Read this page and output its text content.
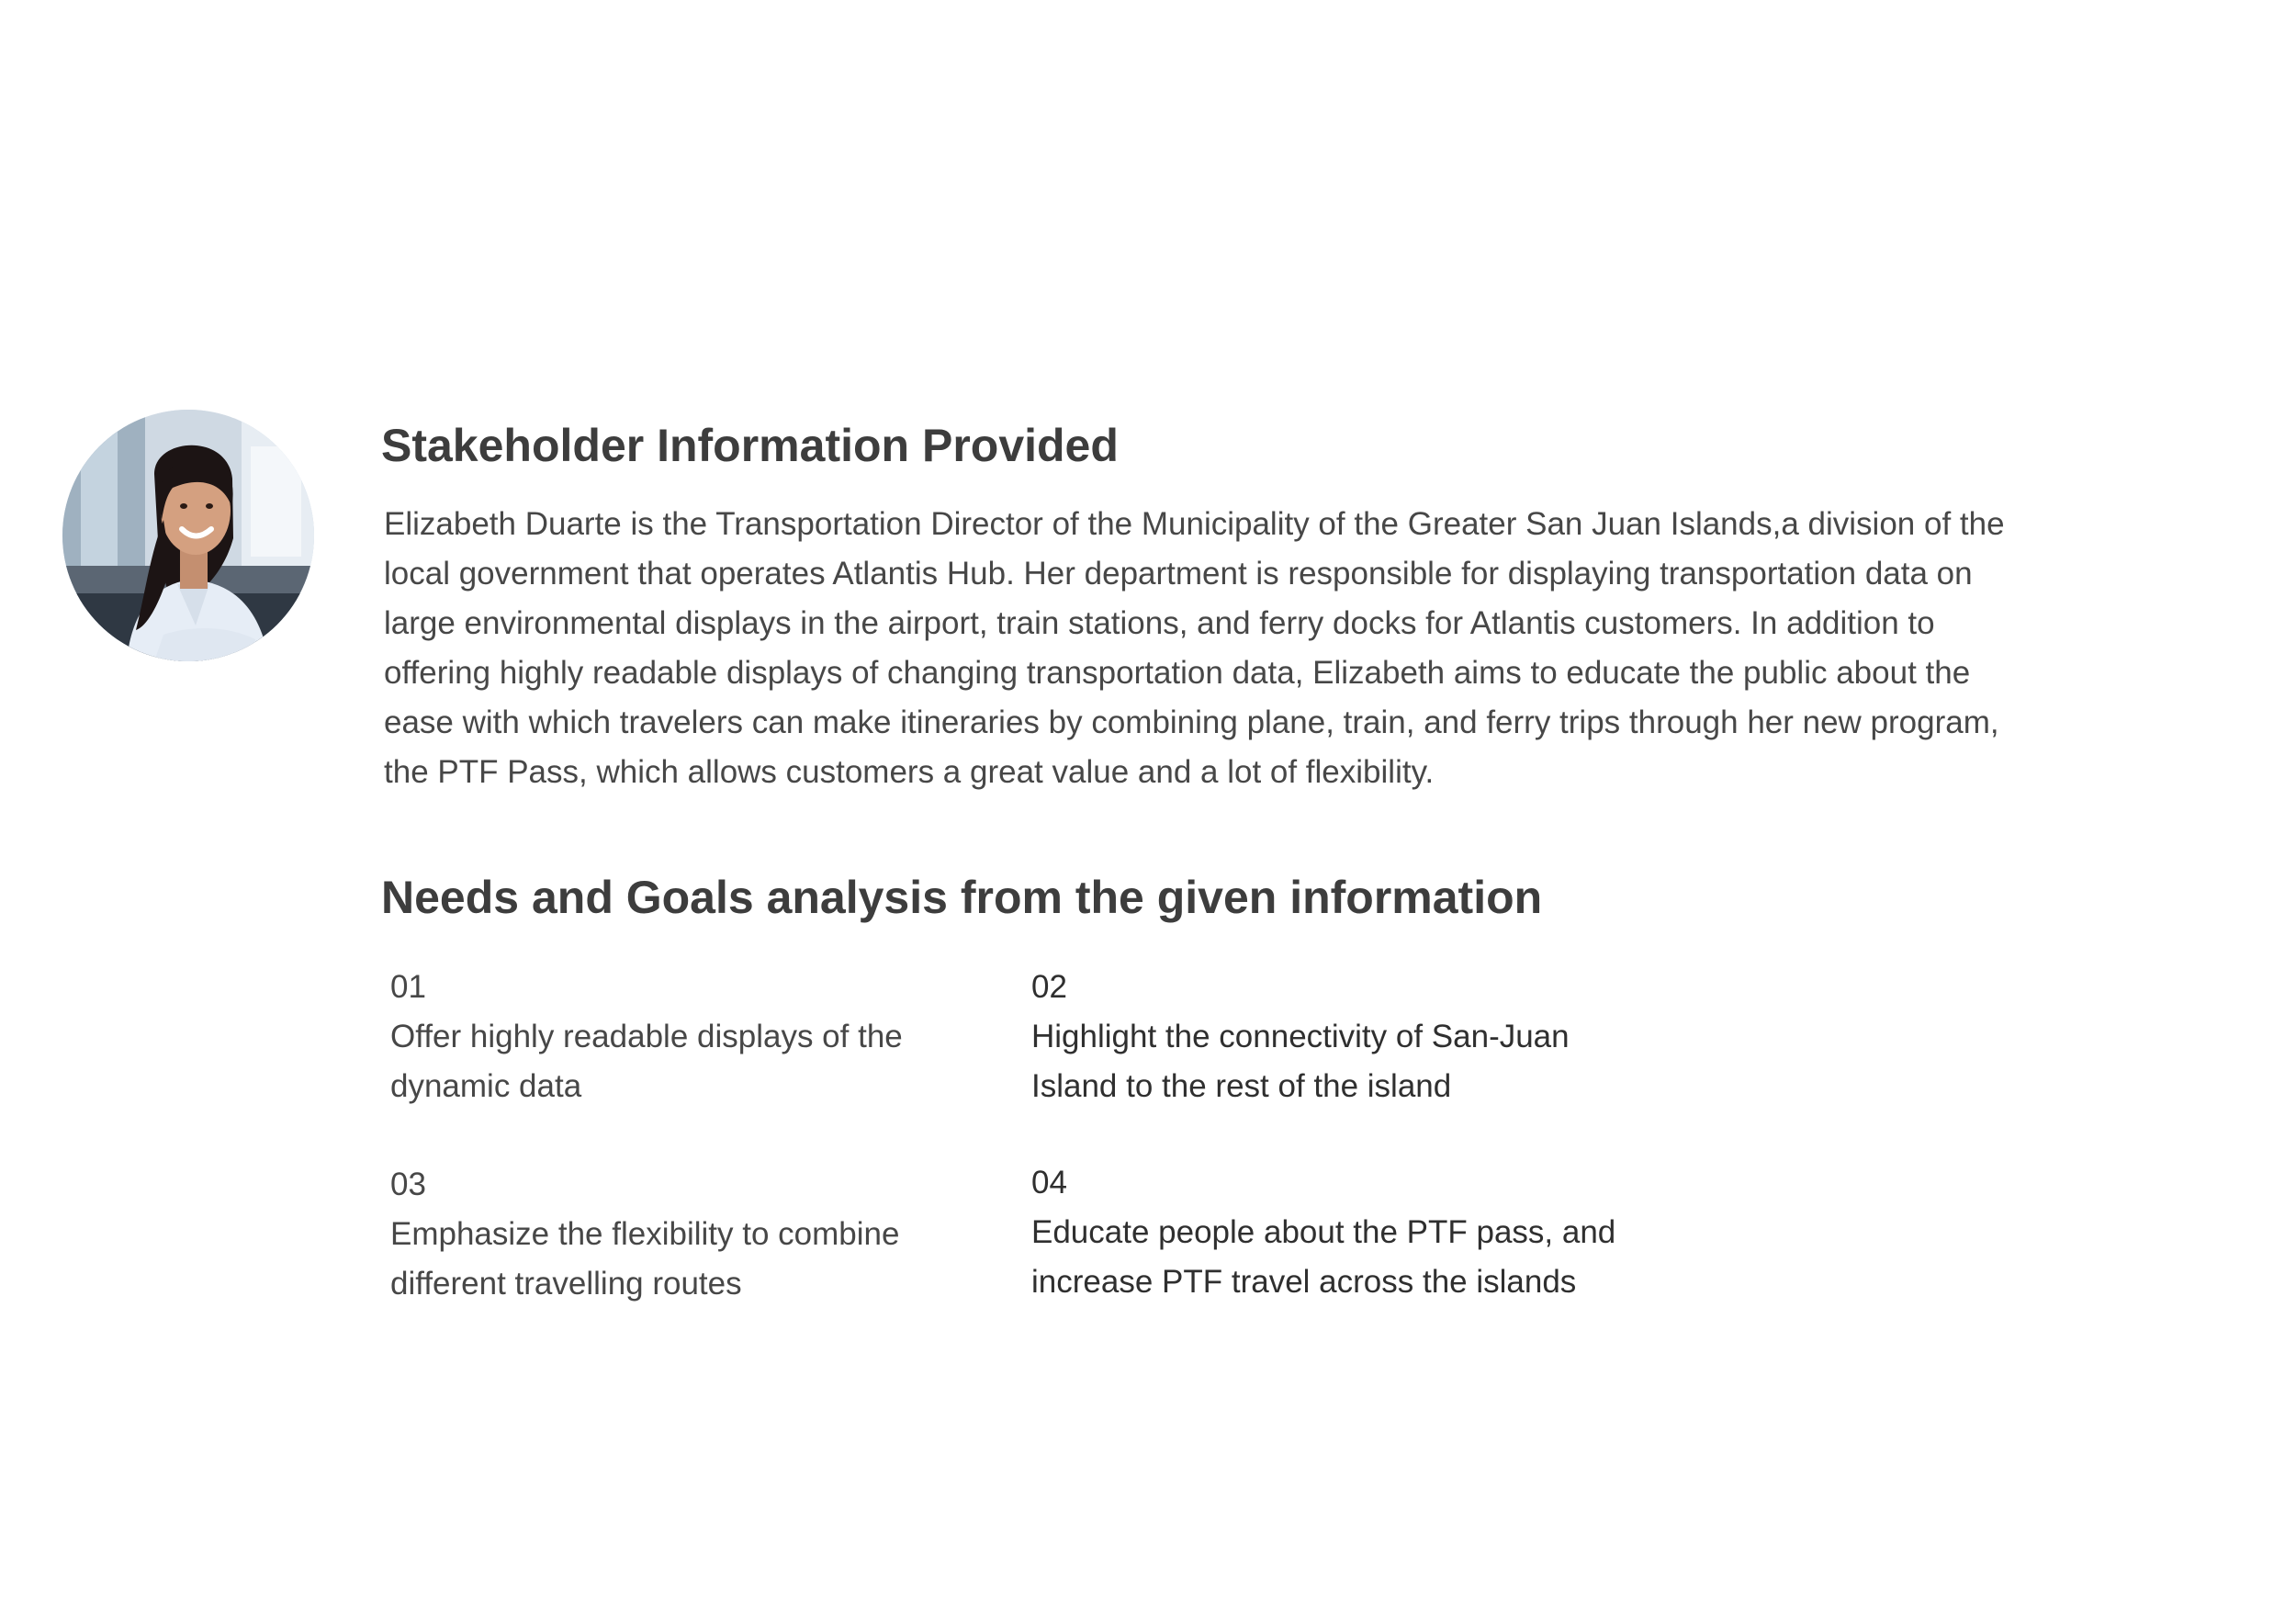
Stakeholder Information Provided

Elizabeth Duarte is the Transportation Director of the Municipality of the Greater San Juan Islands,a division of the local government that operates Atlantis Hub. Her department is responsible for displaying transportation data on large environmental displays in the airport, train stations, and ferry docks for Atlantis customers. In addition to offering highly readable displays of changing transportation data, Elizabeth aims to educate the public about the ease with which travelers can make itineraries by combining plane, train, and ferry trips through her new program, the PTF Pass, which allows customers a great value and a lot of flexibility.

Needs and Goals analysis from the given information
01
Offer highly readable displays of the dynamic data
02
Highlight the connectivity of San-Juan Island to the rest of the island
03
Emphasize the flexibility to combine different travelling routes
04
Educate people about the PTF pass, and increase PTF travel across the islands
